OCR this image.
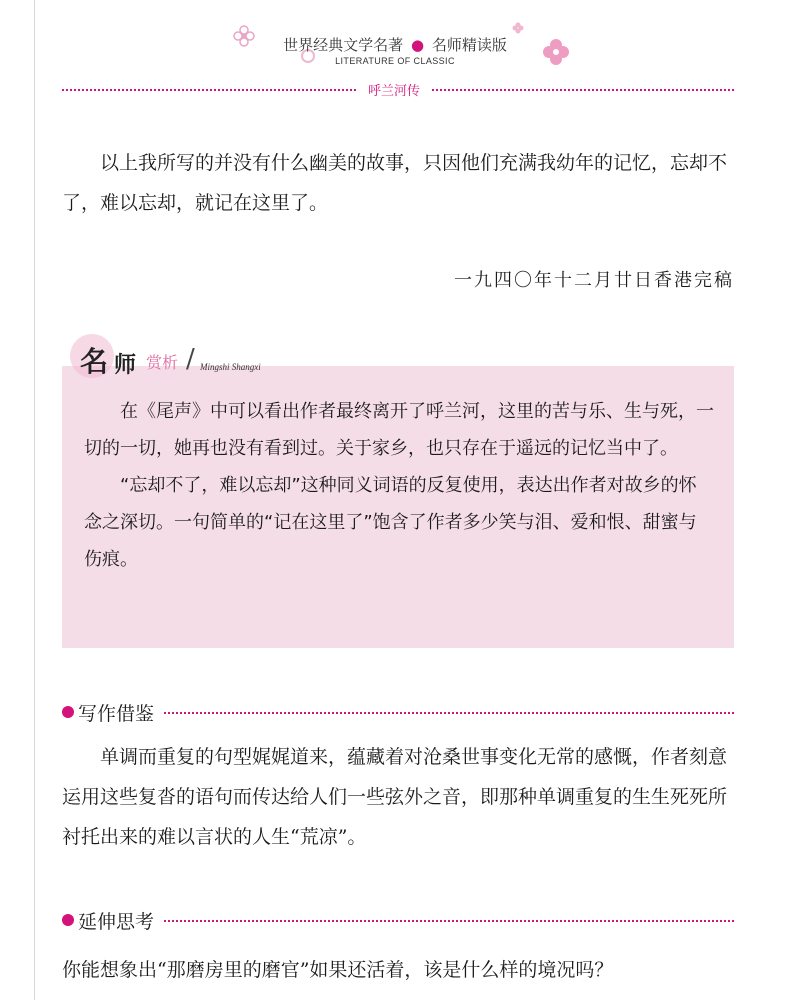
世界经典文学名著 ● 名师精读版
LITERATURE OF CLASSIC
呼兰河传
以上我所写的并没有什么幽美的故事，只因他们充满我幼年的记忆，忘却不了，难以忘却，就记在这里了。
一九四〇年十二月廿日香港完稿
名 师 赏析 / Mingshi Shangxi

在《尾声》中可以看出作者最终离开了呼兰河，这里的苦与乐、生与死，一切的一切，她再也没有看到过。关于家乡，也只存在于遥远的记忆当中了。

“忘却不了，难以忘却”这种同义词语的反复使用，表达出作者对故乡的怀念之深切。一句简单的“记在这里了”饱含了作者多少笑与泪、爱和恨、甜蜜与伤痕。

写作借鉴
单调而重复的句型娓娓道来，蕴藏着对沧桑世事变化无常的感慨，作者刻意运用这些复沓的语句而传达给人们一些弦外之音，即那种单调重复的生生死死所衬托出来的难以言状的人生“荒凉”。
延伸思考
你能想象出“那磨房里的磨官”如果还活着，该是什么样的境况吗？
